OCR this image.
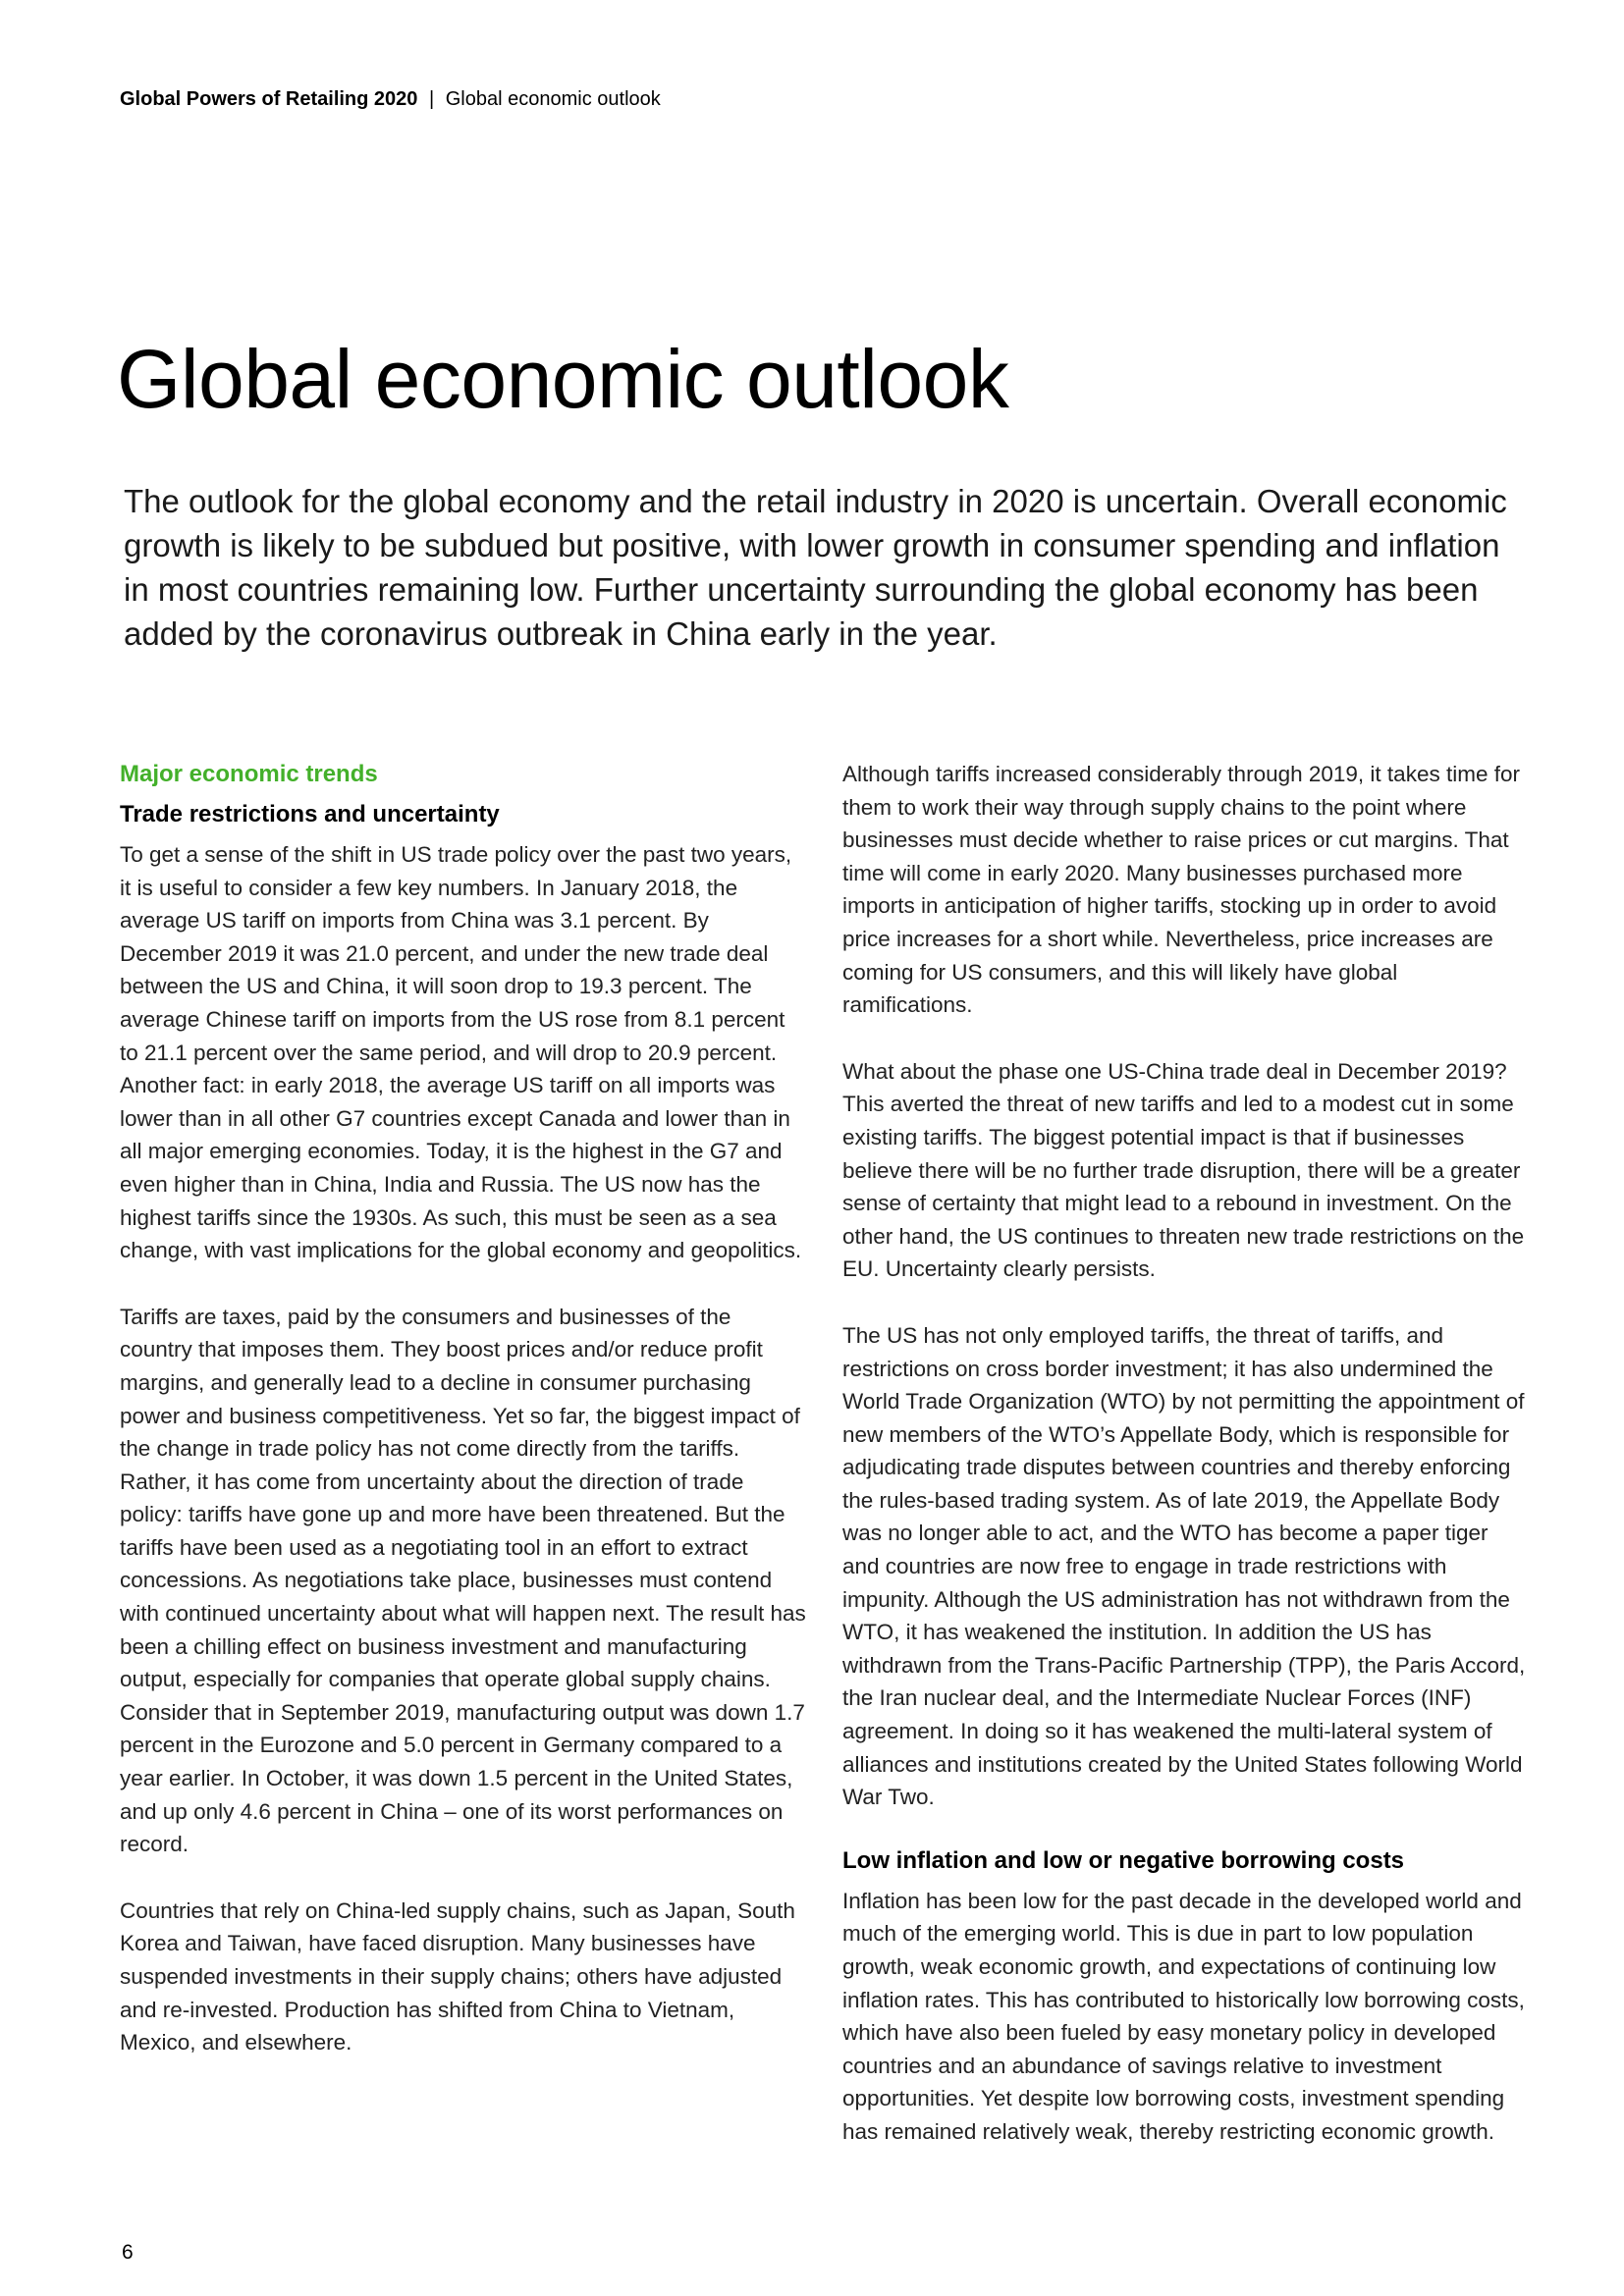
Global Powers of Retailing 2020 | Global economic outlook
Global economic outlook

The outlook for the global economy and the retail industry in 2020 is uncertain. Overall economic growth is likely to be subdued but positive, with lower growth in consumer spending and inflation in most countries remaining low. Further uncertainty surrounding the global economy has been added by the coronavirus outbreak in China early in the year.

Major economic trends
Trade restrictions and uncertainty

To get a sense of the shift in US trade policy over the past two years, it is useful to consider a few key numbers. In January 2018, the average US tariff on imports from China was 3.1 percent. By December 2019 it was 21.0 percent, and under the new trade deal between the US and China, it will soon drop to 19.3 percent. The average Chinese tariff on imports from the US rose from 8.1 percent to 21.1 percent over the same period, and will drop to 20.9 percent. Another fact: in early 2018, the average US tariff on all imports was lower than in all other G7 countries except Canada and lower than in all major emerging economies. Today, it is the highest in the G7 and even higher than in China, India and Russia. The US now has the highest tariffs since the 1930s. As such, this must be seen as a sea change, with vast implications for the global economy and geopolitics.

Tariffs are taxes, paid by the consumers and businesses of the country that imposes them. They boost prices and/or reduce profit margins, and generally lead to a decline in consumer purchasing power and business competitiveness. Yet so far, the biggest impact of the change in trade policy has not come directly from the tariffs. Rather, it has come from uncertainty about the direction of trade policy: tariffs have gone up and more have been threatened. But the tariffs have been used as a negotiating tool in an effort to extract concessions. As negotiations take place, businesses must contend with continued uncertainty about what will happen next. The result has been a chilling effect on business investment and manufacturing output, especially for companies that operate global supply chains. Consider that in September 2019, manufacturing output was down 1.7 percent in the Eurozone and 5.0 percent in Germany compared to a year earlier. In October, it was down 1.5 percent in the United States, and up only 4.6 percent in China – one of its worst performances on record.

Countries that rely on China-led supply chains, such as Japan, South Korea and Taiwan, have faced disruption. Many businesses have suspended investments in their supply chains; others have adjusted and re-invested. Production has shifted from China to Vietnam, Mexico, and elsewhere.

Although tariffs increased considerably through 2019, it takes time for them to work their way through supply chains to the point where businesses must decide whether to raise prices or cut margins. That time will come in early 2020. Many businesses purchased more imports in anticipation of higher tariffs, stocking up in order to avoid price increases for a short while. Nevertheless, price increases are coming for US consumers, and this will likely have global ramifications.

What about the phase one US-China trade deal in December 2019? This averted the threat of new tariffs and led to a modest cut in some existing tariffs. The biggest potential impact is that if businesses believe there will be no further trade disruption, there will be a greater sense of certainty that might lead to a rebound in investment. On the other hand, the US continues to threaten new trade restrictions on the EU. Uncertainty clearly persists.

The US has not only employed tariffs, the threat of tariffs, and restrictions on cross border investment; it has also undermined the World Trade Organization (WTO) by not permitting the appointment of new members of the WTO’s Appellate Body, which is responsible for adjudicating trade disputes between countries and thereby enforcing the rules-based trading system. As of late 2019, the Appellate Body was no longer able to act, and the WTO has become a paper tiger and countries are now free to engage in trade restrictions with impunity. Although the US administration has not withdrawn from the WTO, it has weakened the institution. In addition the US has withdrawn from the Trans-Pacific Partnership (TPP), the Paris Accord, the Iran nuclear deal, and the Intermediate Nuclear Forces (INF) agreement. In doing so it has weakened the multi-lateral system of alliances and institutions created by the United States following World War Two.

Low inflation and low or negative borrowing costs

Inflation has been low for the past decade in the developed world and much of the emerging world. This is due in part to low population growth, weak economic growth, and expectations of continuing low inflation rates. This has contributed to historically low borrowing costs, which have also been fueled by easy monetary policy in developed countries and an abundance of savings relative to investment opportunities. Yet despite low borrowing costs, investment spending has remained relatively weak, thereby restricting economic growth.

6
